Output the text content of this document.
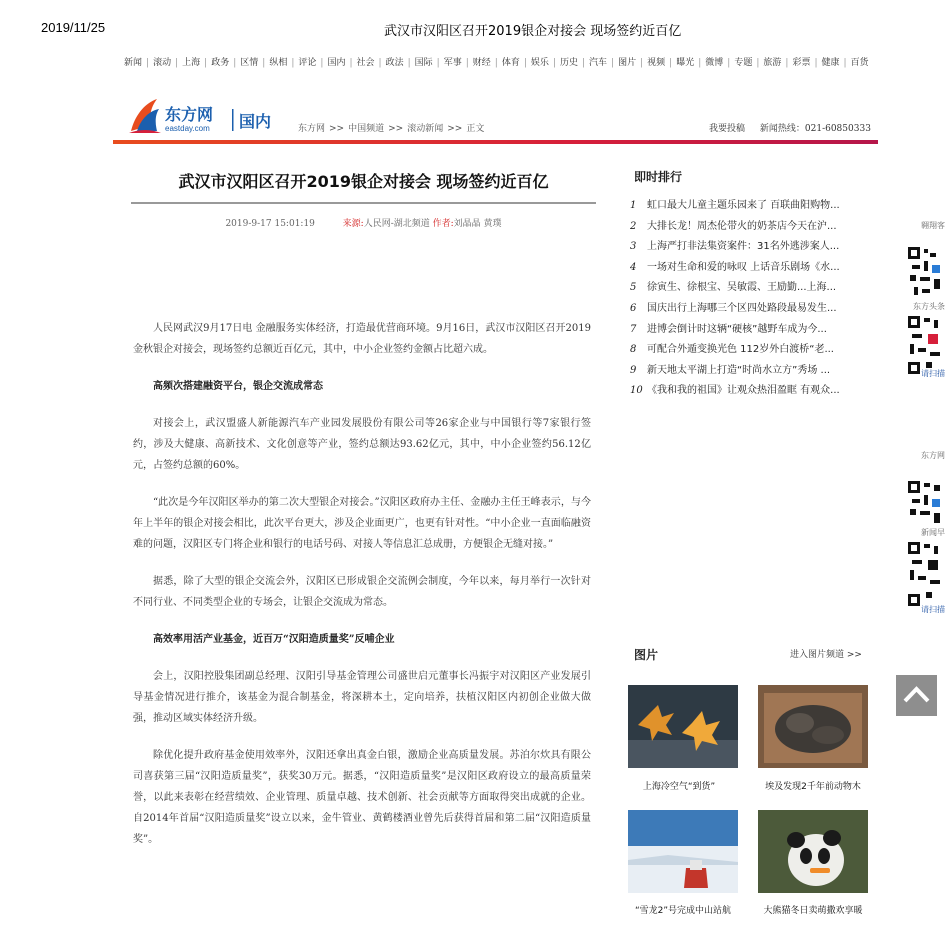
2019/11/25	武汉市汉阳区召开2019银企对接会 现场签约近百亿
新闻 | 滚动 | 上海 | 政务 | 区情 | 纵相 | 评论 | 国内 | 社会 | 政法 | 国际 | 军事 | 财经 | 体育 | 娱乐 | 历史 | 汽车 | 图片 | 视频 | 曝光 | 微博 | 专题 | 旅游 | 彩票 | 健康 | 百货
东方网
eastday.com 国内	东方网 >> 中国频道 >> 滚动新闻 >> 正文	我要投稿 新闻热线：021-60850333
武汉市汉阳区召开2019银企对接会 现场签约近百亿
2019-9-17 15:01:19	来源:人民网-湖北频道 作者:刘晶晶 黄璞

人民网武汉9月17日电 金融服务实体经济，打造最优营商环境。9月16日，武汉市汉阳区召开2019金秋银企对接会，现场签约总额近百亿元，其中，中小企业签约金额占比超六成。

高频次搭建融资平台，银企交流成常态

对接会上，武汉盟盛人新能源汽车产业园发展股份有限公司等26家企业与中国银行等7家银行签约，涉及大健康、高新技术、文化创意等产业，签约总额达93.62亿元，其中，中小企业签约56.12亿元，占签约总额的60%。

“此次是今年汉阳区举办的第二次大型银企对接会。”汉阳区政府办主任、金融办主任王峰表示，与今年上半年的银企对接会相比，此次平台更大，涉及企业面更广，也更有针对性。“中小企业一直面临融资难的问题，汉阳区专门将企业和银行的电话号码、对接人等信息汇总成册，方便银企无缝对接。”

据悉，除了大型的银企交流会外，汉阳区已形成银企交流例会制度，今年以来，每月举行一次针对不同行业、不同类型企业的专场会，让银企交流成为常态。

高效率用活产业基金，近百万“汉阳造质量奖”反哺企业

会上，汉阳控股集团副总经理、汉阳引导基金管理公司盛世启元董事长冯振宇对汉阳区产业发展引导基金情况进行推介，该基金为混合制基金，将深耕本土，定向培养，扶植汉阳区内初创企业做大做强，推动区域实体经济升级。

除优化提升政府基金使用效率外，汉阳还拿出真金白银，激励企业高质量发展。苏泊尔炊具有限公司喜获第三届“汉阳造质量奖”，获奖30万元。据悉，“汉阳造质量奖”是汉阳区政府设立的最高质量荣誉，以此来表彰在经营绩效、企业管理、质量卓越、技术创新、社会贡献等方面取得突出成就的企业。自2014年首届“汉阳造质量奖”设立以来，金牛管业、黄鹤楼酒业曾先后获得首届和第二届“汉阳造质量奖”。

即时排行
1 虹口最大儿童主题乐园来了 百联曲阳购物...
2 大排长龙！周杰伦带火的奶茶店今天在沪...
3 上海严打非法集资案件：31名外逃涉案人...
4 一场对生命和爱的咏叹 上话音乐剧场《水...
5 徐寅生、徐根宝、吴敏霞、王励勤...上海...
6 国庆出行上海哪三个区四处路段最易发生...
7 进博会倒计时这辆“硬核”越野车成为今...
8 可配合外遁变换光色 112岁外白渡桥“老...
9 新天地太平湖上打造“时尚水立方”秀场 ...
10 《我和我的祖国》让观众热泪盈眶 有观众...
图片	进入图片频道 >>
上海冷空气“到货”	埃及发现2千年前动物木
“雪龙2”号完成中山站航	大熊猫冬日卖萌撒欢享暖
翱翔客
东方头条
请扫描
东方网
新闻早
请扫描
